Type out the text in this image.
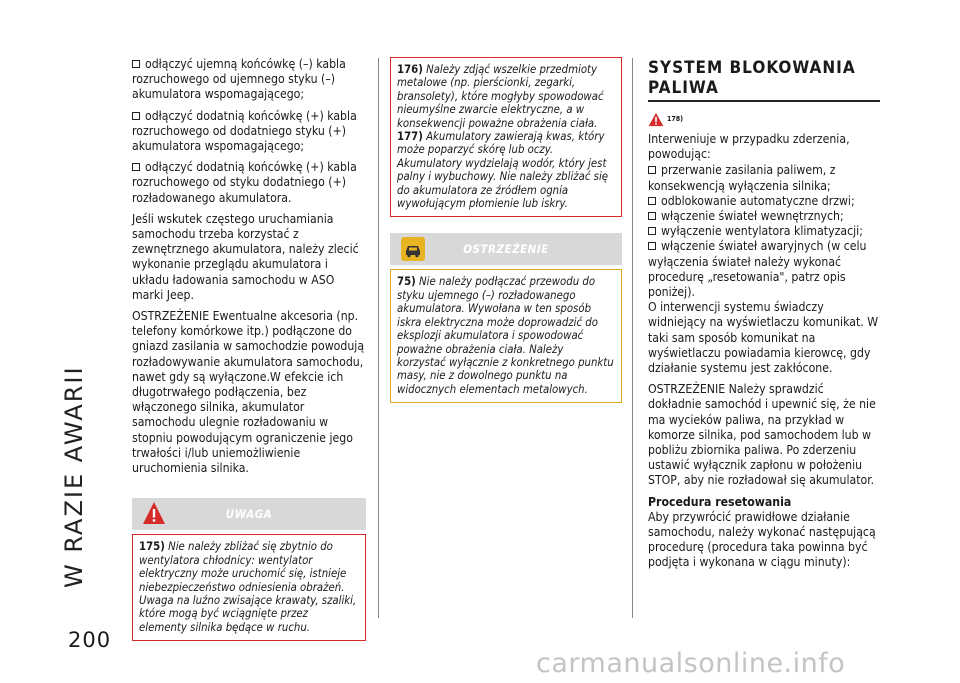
W RAZIE AWARII
200

odłączyć ujemną końcówkę (–) kabla rozruchowego od ujemnego styku (–) akumulatora wspomagającego;

odłączyć dodatnią końcówkę (+) kabla rozruchowego od dodatniego styku (+) akumulatora wspomagającego;

odłączyć dodatnią końcówkę (+) kabla rozruchowego od styku dodatniego (+) rozładowanego akumulatora.

Jeśli wskutek częstego uruchamiania samochodu trzeba korzystać z zewnętrznego akumulatora, należy zlecić wykonanie przeglądu akumulatora i układu ładowania samochodu w ASO marki Jeep.

OSTRZEŻENIE Ewentualne akcesoria (np. telefony komórkowe itp.) podłączone do gniazd zasilania w samochodzie powodują rozładowywanie akumulatora samochodu, nawet gdy są wyłączone.W efekcie ich długotrwałego podłączenia, bez włączonego silnika, akumulator samochodu ulegnie rozładowaniu w stopniu powodującym ograniczenie jego trwałości i/lub uniemożliwienie uruchomienia silnika.

UWAGA
175) Nie należy zbliżać się zbytnio do wentylatora chłodnicy: wentylator elektryczny może uruchomić się, istnieje niebezpieczeństwo odniesienia obrażeń. Uwaga na luźno zwisające krawaty, szaliki, które mogą być wciągnięte przez elementy silnika będące w ruchu.
176) Należy zdjąć wszelkie przedmioty metalowe (np. pierścionki, zegarki, bransolety), które mogłyby spowodować nieumyślne zwarcie elektryczne, a w konsekwencji poważne obrażenia ciała.
177) Akumulatory zawierają kwas, który może poparzyć skórę lub oczy. Akumulatory wydzielają wodór, który jest palny i wybuchowy. Nie należy zbliżać się do akumulatora ze źródłem ognia wywołującym płomienie lub iskry.
OSTRZEŻENIE
75) Nie należy podłączać przewodu do styku ujemnego (–) rozładowanego akumulatora. Wywołana w ten sposób iskra elektryczna może doprowadzić do eksplozji akumulatora i spowodować poważne obrażenia ciała. Należy korzystać wyłącznie z konkretnego punktu masy, nie z dowolnego punktu na widocznych elementach metalowych.
SYSTEM BLOKOWANIA
PALIWA
$^{178)}$

Interweniuje w przypadku zderzenia, powodując:

przerwanie zasilania paliwem, z konsekwencją wyłączenia silnika;

odblokowanie automatyczne drzwi;

włączenie świateł wewnętrznych;

wyłączenie wentylatora klimatyzacji;

włączenie świateł awaryjnych (w celu wyłączenia świateł należy wykonać procedurę „resetowania", patrz opis poniżej).

O interwencji systemu świadczy widniejący na wyświetlaczu komunikat. W taki sam sposób komunikat na wyświetlaczu powiadamia kierowcę, gdy działanie systemu jest zakłócone.

OSTRZEŻENIE Należy sprawdzić dokładnie samochód i upewnić się, że nie ma wycieków paliwa, na przykład w komorze silnika, pod samochodem lub w pobliżu zbiornika paliwa. Po zderzeniu ustawić wyłącznik zapłonu w położeniu STOP, aby nie rozładował się akumulator.

Procedura resetowania

Aby przywrócić prawidłowe działanie samochodu, należy wykonać następującą procedurę (procedura taka powinna być podjęta i wykonana w ciągu minuty):

carmanualsonline.info
